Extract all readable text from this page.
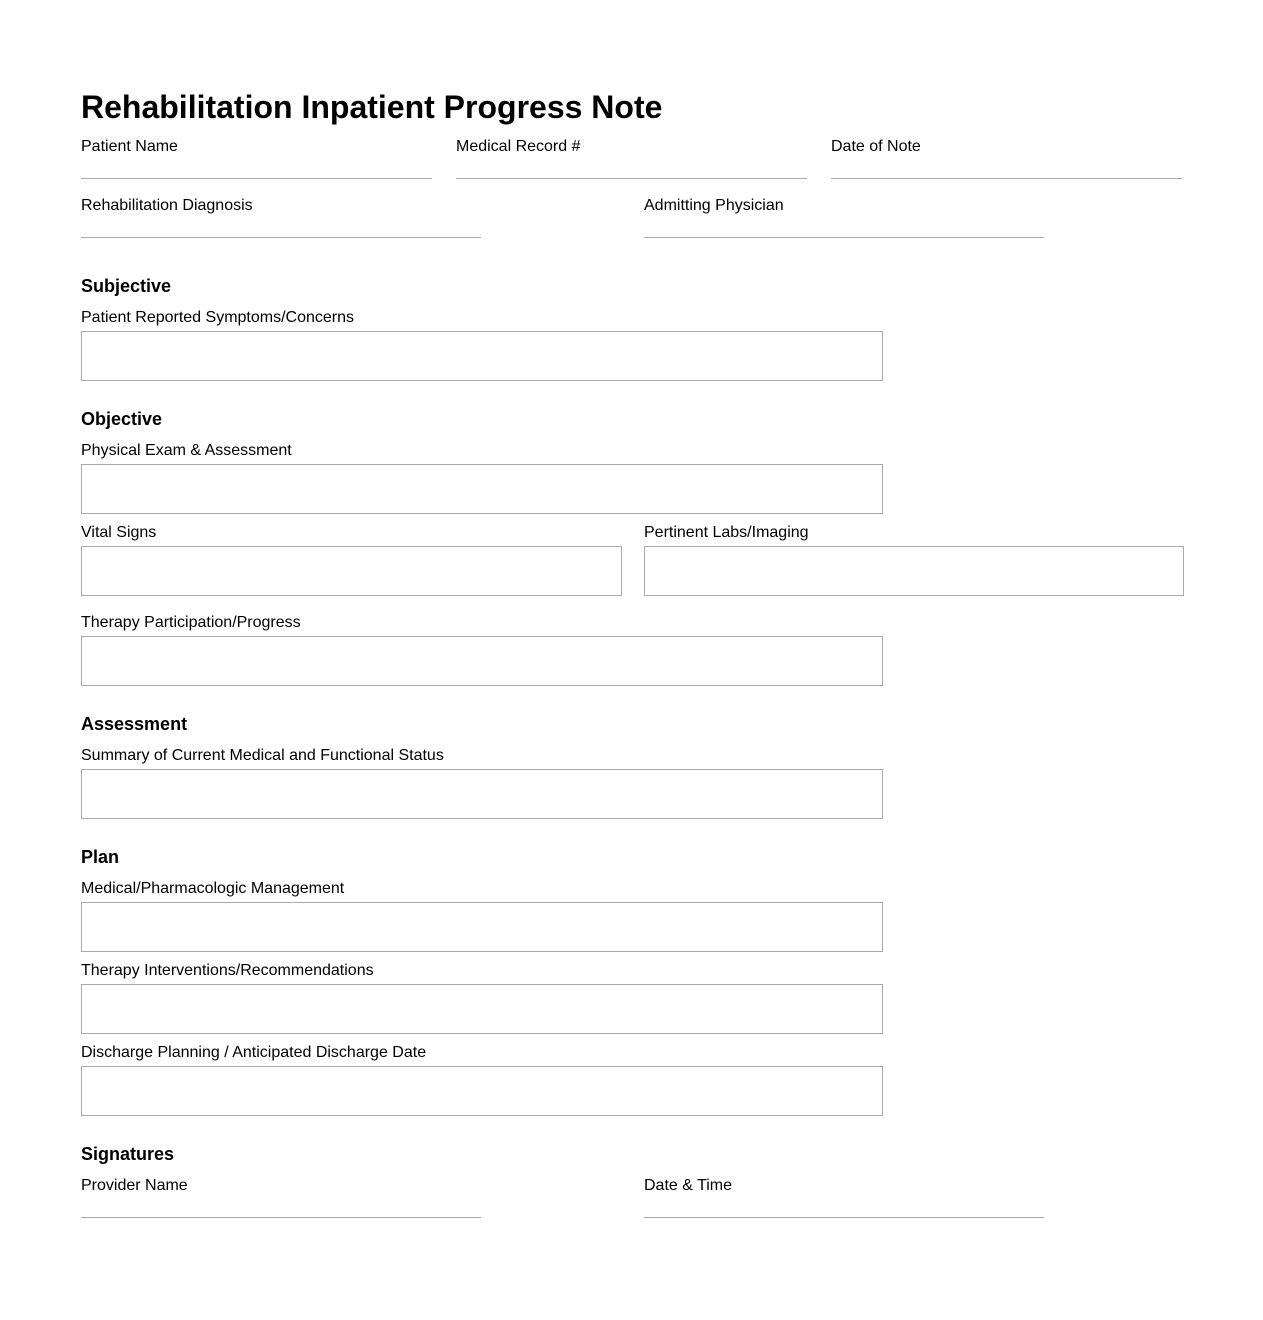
Rehabilitation Inpatient Progress Note
Patient Name	Medical Record #	Date of Note
Rehabilitation Diagnosis	Admitting Physician
Subjective
Patient Reported Symptoms/Concerns
Objective
Physical Exam & Assessment
Vital Signs	Pertinent Labs/Imaging
Therapy Participation/Progress
Assessment
Summary of Current Medical and Functional Status
Plan
Medical/Pharmacologic Management
Therapy Interventions/Recommendations
Discharge Planning / Anticipated Discharge Date
Signatures
Provider Name	Date & Time
